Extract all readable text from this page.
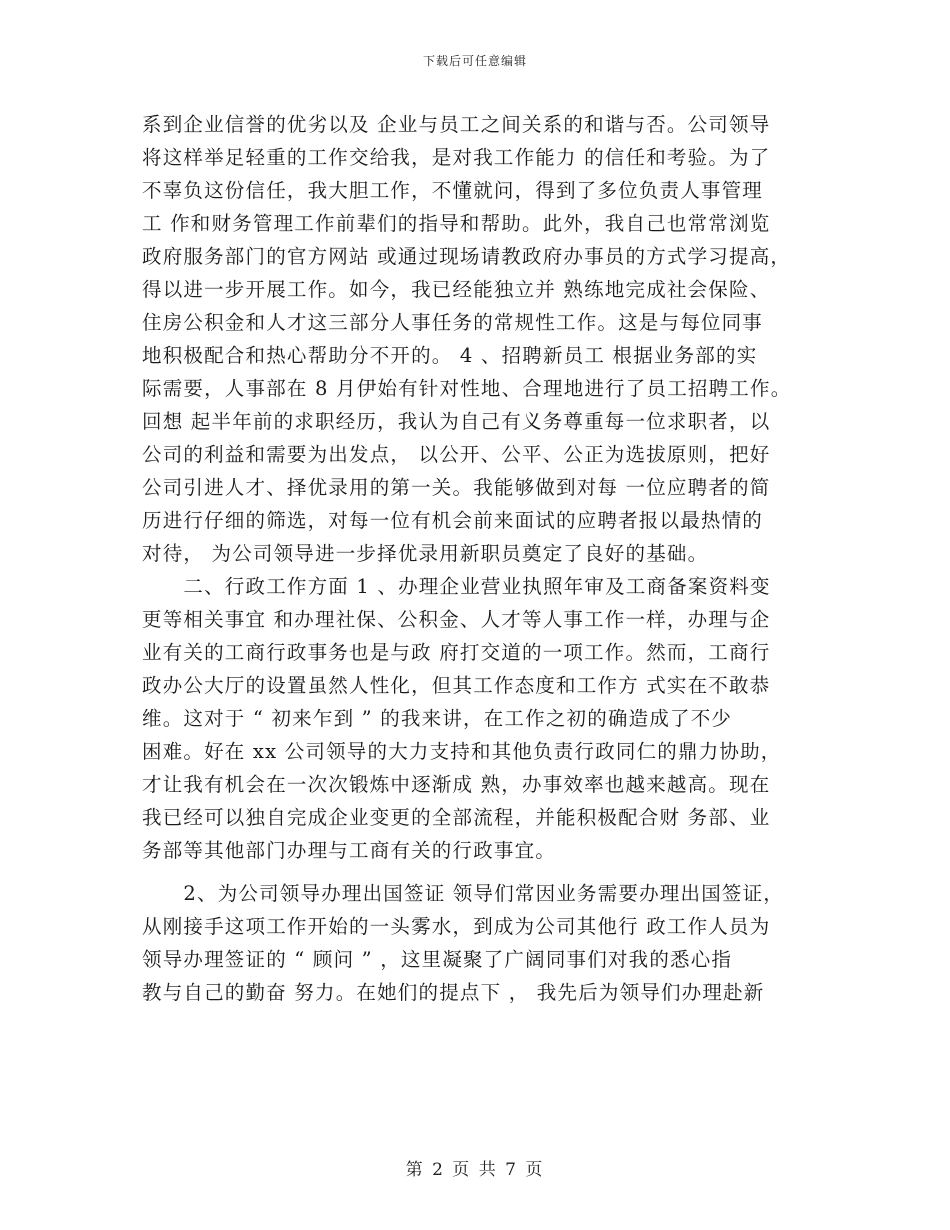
下载后可任意编辑
系到企业信誉的优劣以及 企业与员工之间关系的和谐与否。公司领导
将这样举足轻重的工作交给我，是对我工作能力 的信任和考验。为了
不辜负这份信任，我大胆工作，不懂就问，得到了多位负责人事管理
工 作和财务管理工作前辈们的指导和帮助。此外，我自己也常常浏览
政府服务部门的官方网站 或通过现场请教政府办事员的方式学习提高，
得以进一步开展工作。如今，我已经能独立并 熟练地完成社会保险、
住房公积金和人才这三部分人事任务的常规性工作。这是与每位同事
地积极配合和热心帮助分不开的。 4 、招聘新员工 根据业务部的实
际需要，人事部在 8 月伊始有针对性地、合理地进行了员工招聘工作。
回想 起半年前的求职经历，我认为自己有义务尊重每一位求职者，以
公司的利益和需要为出发点， 以公开、公平、公正为选拔原则，把好
公司引进人才、择优录用的第一关。我能够做到对每 一位应聘者的简
历进行仔细的筛选，对每一位有机会前来面试的应聘者报以最热情的
对待， 为公司领导进一步择优录用新职员奠定了良好的基础。
　　二、行政工作方面 1 、办理企业营业执照年审及工商备案资料变
更等相关事宜 和办理社保、公积金、人才等人事工作一样，办理与企
业有关的工商行政事务也是与政 府打交道的一项工作。然而，工商行
政办公大厅的设置虽然人性化，但其工作态度和工作方 式实在不敢恭
维。这对于 “ 初来乍到 ” 的我来讲，在工作之初的确造成了不少
困难。好在 xx 公司领导的大力支持和其他负责行政同仁的鼎力协助，
才让我有机会在一次次锻炼中逐渐成 熟，办事效率也越来越高。现在
我已经可以独自完成企业变更的全部流程，并能积极配合财 务部、业
务部等其他部门办理与工商有关的行政事宜。
　　2、为公司领导办理出国签证 领导们常因业务需要办理出国签证，
从刚接手这项工作开始的一头雾水，到成为公司其他行 政工作人员为
领导办理签证的 “ 顾问 ” ，这里凝聚了广阔同事们对我的悉心指
教与自己的勤奋 努力。在她们的提点下 ， 我先后为领导们办理赴新
第 2 页 共 7 页
